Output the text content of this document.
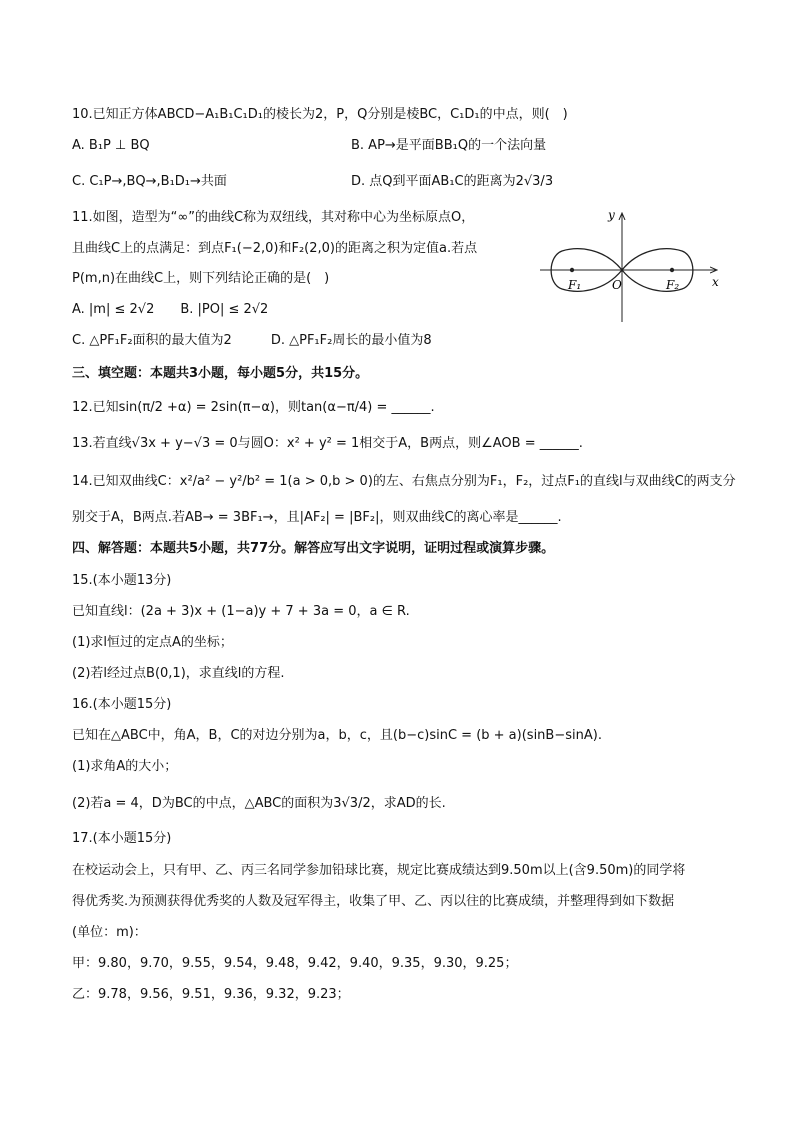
10.已知正方体ABCD−A₁B₁C₁D₁的棱长为2，P，Q分别是棱BC，C₁D₁的中点，则(　)
A. B₁P ⊥ BQ	B. AP→是平面BB₁Q的一个法向量
C. C₁P→,BQ→,B₁D₁→共面	D. 点Q到平面AB₁C的距离为2√3/3
11.如图，造型为“∞”的曲线C称为双纽线，其对称中心为坐标原点O，
且曲线C上的点满足：到点F₁(−2,0)和F₂(2,0)的距离之积为定值a.若点
P(m,n)在曲线C上，则下列结论正确的是(　)
A. |m| ≤ 2√2　　B. |PO| ≤ 2√2
C. △PF₁F₂面积的最大值为2　　　D. △PF₁F₂周长的最小值为8
y
x
O
F₁	F₂
三、填空题：本题共3小题，每小题5分，共15分。
12.已知sin(π/2 +α) = 2sin(π−α)，则tan(α−π/4) = ______.
13.若直线√3x + y−√3 = 0与圆O：x² + y² = 1相交于A，B两点，则∠AOB = ______.
14.已知双曲线C：x²/a² − y²/b² = 1(a > 0,b > 0)的左、右焦点分别为F₁，F₂，过点F₁的直线l与双曲线C的两支分
别交于A，B两点.若AB→ = 3BF₁→，且|AF₂| = |BF₂|，则双曲线C的离心率是______.
四、解答题：本题共5小题，共77分。解答应写出文字说明，证明过程或演算步骤。
15.(本小题13分)
已知直线l：(2a + 3)x + (1−a)y + 7 + 3a = 0，a ∈ R.
(1)求l恒过的定点A的坐标；
(2)若l经过点B(0,1)，求直线l的方程.
16.(本小题15分)
已知在△ABC中，角A，B，C的对边分别为a，b，c，且(b−c)sinC = (b + a)(sinB−sinA).
(1)求角A的大小；
(2)若a = 4，D为BC的中点，△ABC的面积为3√3/2，求AD的长.
17.(本小题15分)
在校运动会上，只有甲、乙、丙三名同学参加铅球比赛，规定比赛成绩达到9.50m以上(含9.50m)的同学将
得优秀奖.为预测获得优秀奖的人数及冠军得主，收集了甲、乙、丙以往的比赛成绩，并整理得到如下数据
(单位：m)：
甲：9.80，9.70，9.55，9.54，9.48，9.42，9.40，9.35，9.30，9.25；
乙：9.78，9.56，9.51，9.36，9.32，9.23；
